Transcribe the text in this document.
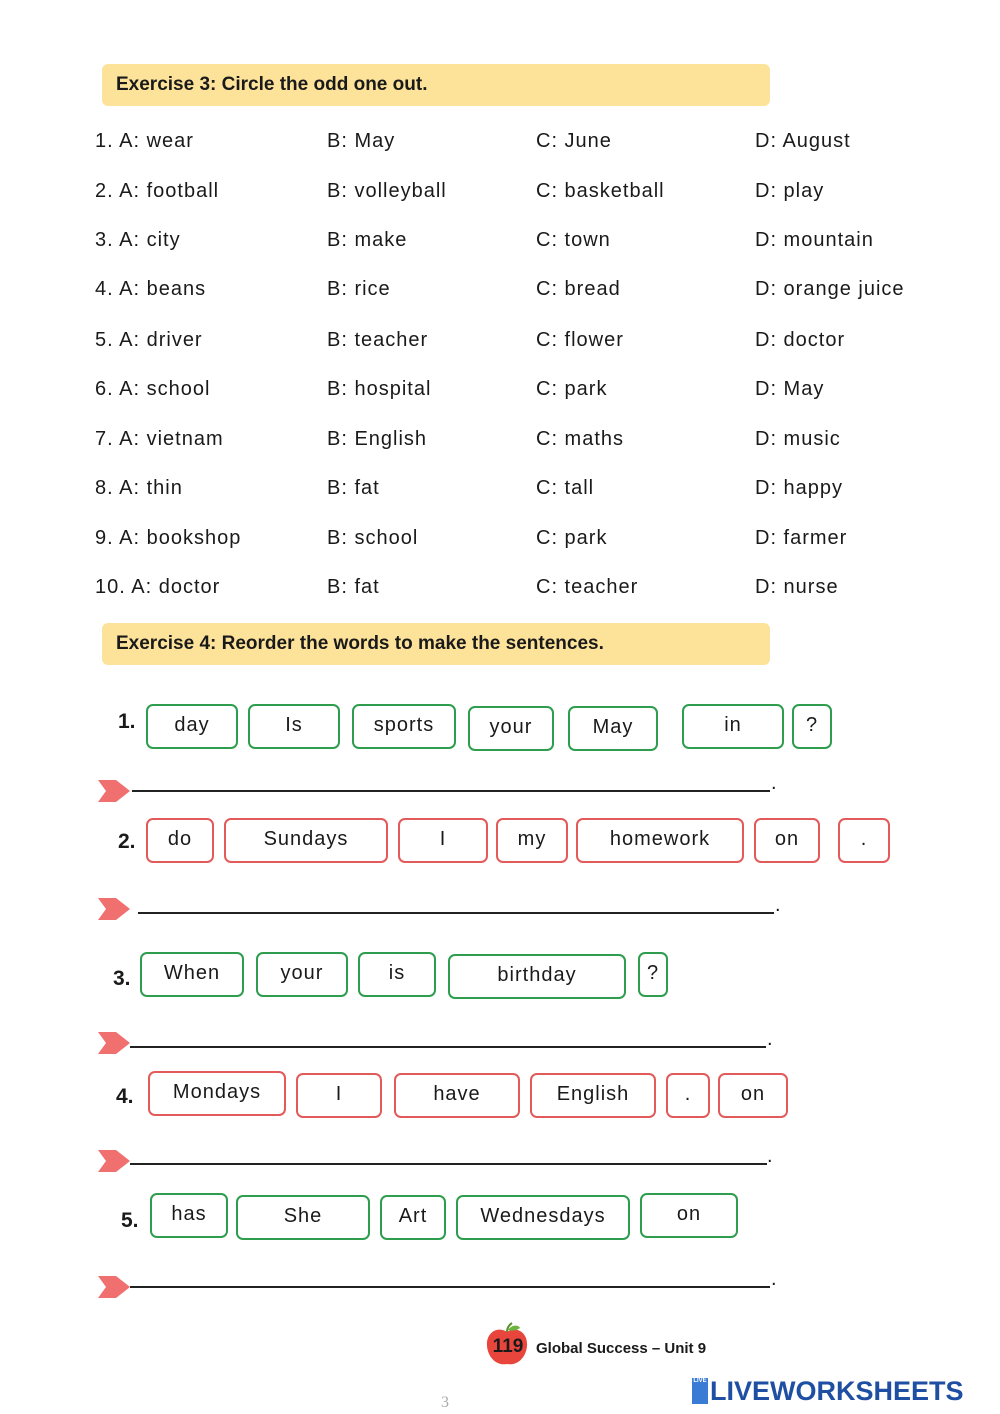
Exercise 3: Circle the odd one out.
1. A: wear	B: May	C: June	D: August
2. A: football	B: volleyball	C: basketball	D: play
3. A: city	B: make	C: town	D: mountain
4. A: beans	B: rice	C: bread	D: orange juice
5. A: driver	B: teacher	C: flower	D: doctor
6. A: school	B: hospital	C: park	D: May
7. A: vietnam	B: English	C: maths	D: music
8. A: thin	B: fat	C: tall	D: happy
9. A: bookshop	B: school	C: park	D: farmer
10. A: doctor	B: fat	C: teacher	D: nurse
Exercise 4: Reorder the words to make the sentences.
1.	day	Is	sports	your	May	in	?
.
2.	do	Sundays	I	my	homework	on	.
.
3.	When	your	is	birthday	?
.
4.	Mondays	I	have	English	.	on
.
5.	has	She	Art	Wednesdays	on
.
119 Global Success – Unit 9
3
LIVE LIVEWORKSHEETS
